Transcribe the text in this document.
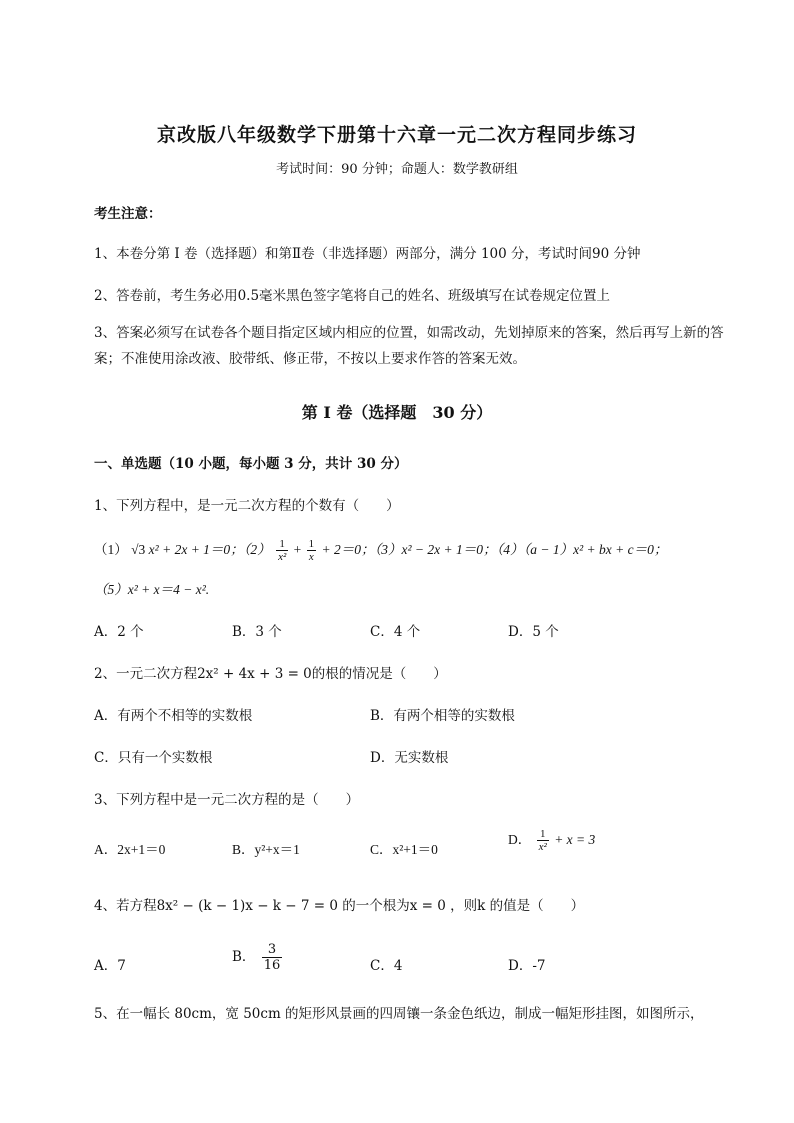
京改版八年级数学下册第十六章一元二次方程同步练习
考试时间：90 分钟；命题人：数学教研组
考生注意：
1、本卷分第 I 卷（选择题）和第Ⅱ卷（非选择题）两部分，满分 100 分，考试时间90 分钟
2、答卷前，考生务必用0.5毫米黑色签字笔将自己的姓名、班级填写在试卷规定位置上
3、答案必须写在试卷各个题目指定区域内相应的位置，如需改动，先划掉原来的答案，然后再写上新的答案；不准使用涂改液、胶带纸、修正带，不按以上要求作答的答案无效。
第 I 卷（选择题　30 分）
一、单选题（10 小题，每小题 3 分，共计 30 分）
1、下列方程中，是一元二次方程的个数有（　　）
（1） √3 x² + 2x + 1＝0；$(2) \frac{1}{\text{x²}} + \frac{1}{x} + 2=0$；（3）x² − 2x + 1＝0；（4）（a − 1）x² + bx + c＝0；
（5）x² + x＝4 − x².
A．2 个	B．3 个	C．4 个	D．5 个
2、一元二次方程2x² + 4x + 3 = 0的根的情况是（　　）
A．有两个不相等的实数根	B．有两个相等的实数根
C．只有一个实数根	D．无实数根
3、下列方程中是一元二次方程的是（　　）
A．2x+1＝0	B．y²+x＝1	C．x²+1＝0
D． $\frac{1}{\text{x²}} + x = 3$
4、若方程8x² − (k − 1)x − k − 7 = 0 的一个根为x = 0 ，则k 的值是（　　）
A．7
B． $\frac{3}{16}$	C．4	D．-7
5、在一幅长 80cm，宽 50cm 的矩形风景画的四周镶一条金色纸边，制成一幅矩形挂图，如图所示，
